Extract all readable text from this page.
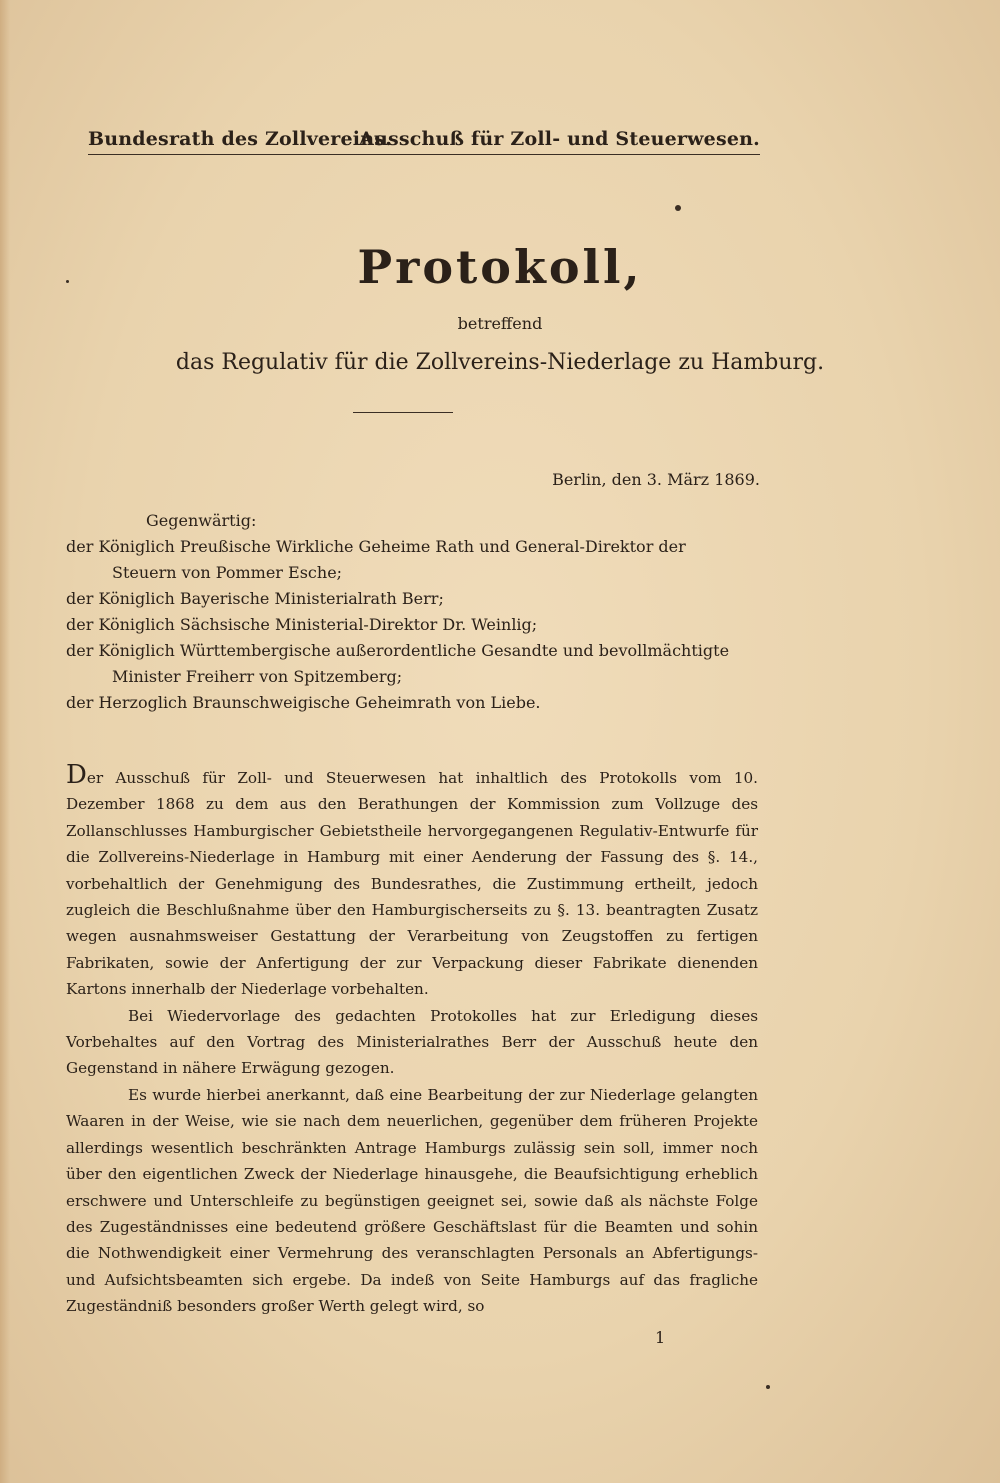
Bundesrath des Zollvereins.
Ausschuß für Zoll- und Steuerwesen.
Protokoll,
betreffend
das Regulativ für die Zollvereins-Niederlage zu Hamburg.
Berlin, den 3. März 1869.
Gegenwärtig:
der Königlich Preußische Wirkliche Geheime Rath und General-Direktor der
Steuern von Pommer Esche;
der Königlich Bayerische Ministerialrath Berr;
der Königlich Sächsische Ministerial-Direktor Dr. Weinlig;
der Königlich Württembergische außerordentliche Gesandte und bevollmächtigte
Minister Freiherr von Spitzemberg;
der Herzoglich Braunschweigische Geheimrath von Liebe.

Der Ausschuß für Zoll- und Steuerwesen hat inhaltlich des Protokolls vom 10. Dezember 1868 zu dem aus den Berathungen der Kommission zum Vollzuge des Zollanschlusses Hamburgischer Gebietstheile hervorgegangenen Regulativ-Entwurfe für die Zollvereins-Niederlage in Hamburg mit einer Aenderung der Fassung des §. 14., vorbehaltlich der Genehmigung des Bundesrathes, die Zustimmung ertheilt, jedoch zugleich die Beschlußnahme über den Hamburgischerseits zu §. 13. beantragten Zusatz wegen ausnahmsweiser Gestattung der Verarbeitung von Zeugstoffen zu fertigen Fabrikaten, sowie der Anfertigung der zur Verpackung dieser Fabrikate dienenden Kartons innerhalb der Niederlage vorbehalten.

Bei Wiedervorlage des gedachten Protokolles hat zur Erledigung dieses Vorbehaltes auf den Vortrag des Ministerialrathes Berr der Ausschuß heute den Gegenstand in nähere Erwägung gezogen.

Es wurde hierbei anerkannt, daß eine Bearbeitung der zur Niederlage gelangten Waaren in der Weise, wie sie nach dem neuerlichen, gegenüber dem früheren Projekte allerdings wesentlich beschränkten Antrage Hamburgs zulässig sein soll, immer noch über den eigentlichen Zweck der Niederlage hinausgehe, die Beaufsichtigung erheblich erschwere und Unterschleife zu begünstigen geeignet sei, sowie daß als nächste Folge des Zugeständnisses eine bedeutend größere Geschäftslast für die Beamten und sohin die Nothwendigkeit einer Vermehrung des veranschlagten Personals an Abfertigungs- und Aufsichtsbeamten sich ergebe. Da indeß von Seite Hamburgs auf das fragliche Zugeständniß besonders großer Werth gelegt wird, so

1
